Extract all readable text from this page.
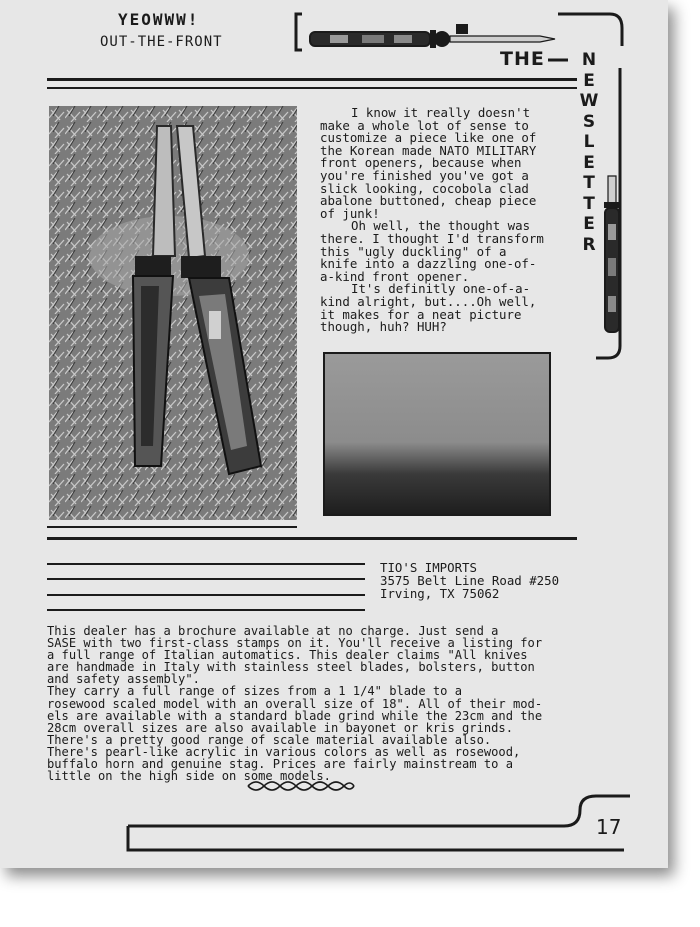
YEOWWW!
OUT-THE-FRONT
THE N
E
W
S
L
E
T
T
E
R

I know it really doesn't
make a whole lot of sense to
customize a piece like one of
the Korean made NATO MILITARY
front openers, because when
you're finished you've got a
slick looking, cocobola clad
abalone buttoned, cheap piece
of junk!

Oh well, the thought was
there. I thought I'd transform
this "ugly duckling" of a
knife into a dazzling one-of-
a-kind front opener.

It's definitly one-of-a-
kind alright, but....Oh well,
it makes for a neat picture
though, huh? HUH?

TIO'S IMPORTS
3575 Belt Line Road #250
Irving, TX 75062

This dealer has a brochure available at no charge. Just send a
SASE with two first-class stamps on it. You'll receive a listing for
a full range of Italian automatics. This dealer claims "All knives
are handmade in Italy with stainless steel blades, bolsters, button
and safety assembly".

They carry a full range of sizes from a 1 1/4" blade to a
rosewood scaled model with an overall size of 18". All of their mod-
els are available with a standard blade grind while the 23cm and the
28cm overall sizes are also available in bayonet or kris grinds.

There's a pretty good range of scale material available also.
There's pearl-like acrylic in various colors as well as rosewood,
buffalo horn and genuine stag. Prices are fairly mainstream to a
little on the high side on some models.

17
